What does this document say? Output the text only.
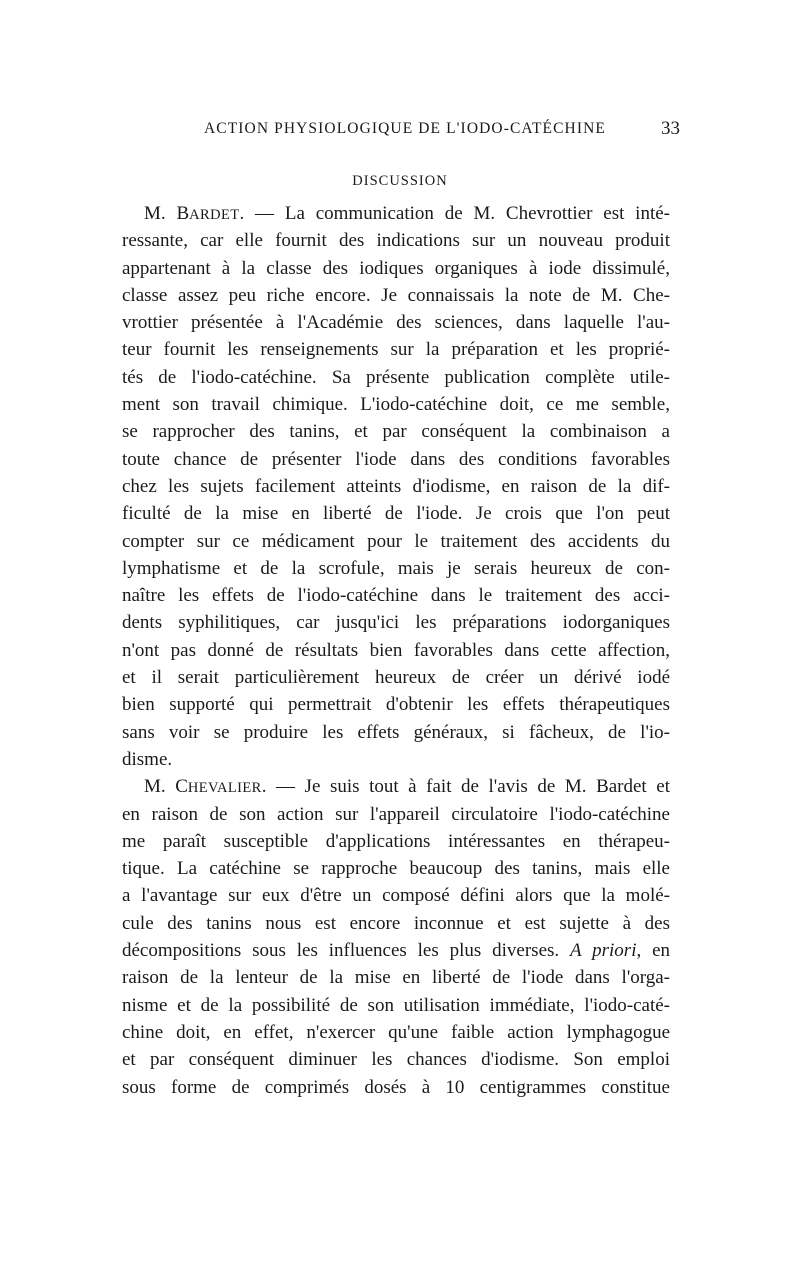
ACTION PHYSIOLOGIQUE DE L'IODO-CATÉCHINE	33
DISCUSSION
M. BARDET. — La communication de M. Chevrottier est inté-
ressante, car elle fournit des indications sur un nouveau produit
appartenant à la classe des iodiques organiques à iode dissimulé,
classe assez peu riche encore. Je connaissais la note de M. Che-
vrottier présentée à l'Académie des sciences, dans laquelle l'au-
teur fournit les renseignements sur la préparation et les proprié-
tés de l'iodo-catéchine. Sa présente publication complète utile-
ment son travail chimique. L'iodo-catéchine doit, ce me semble,
se rapprocher des tanins, et par conséquent la combinaison a
toute chance de présenter l'iode dans des conditions favorables
chez les sujets facilement atteints d'iodisme, en raison de la dif-
ficulté de la mise en liberté de l'iode. Je crois que l'on peut
compter sur ce médicament pour le traitement des accidents du
lymphatisme et de la scrofule, mais je serais heureux de con-
naître les effets de l'iodo-catéchine dans le traitement des acci-
dents syphilitiques, car jusqu'ici les préparations iodorganiques
n'ont pas donné de résultats bien favorables dans cette affection,
et il serait particulièrement heureux de créer un dérivé iodé
bien supporté qui permettrait d'obtenir les effets thérapeutiques
sans voir se produire les effets généraux, si fâcheux, de l'io-
disme.
M. CHEVALIER. — Je suis tout à fait de l'avis de M. Bardet et
en raison de son action sur l'appareil circulatoire l'iodo-catéchine
me paraît susceptible d'applications intéressantes en thérapeu-
tique. La catéchine se rapproche beaucoup des tanins, mais elle
a l'avantage sur eux d'être un composé défini alors que la molé-
cule des tanins nous est encore inconnue et est sujette à des
décompositions sous les influences les plus diverses. A priori, en
raison de la lenteur de la mise en liberté de l'iode dans l'orga-
nisme et de la possibilité de son utilisation immédiate, l'iodo-caté-
chine doit, en effet, n'exercer qu'une faible action lymphagogue
et par conséquent diminuer les chances d'iodisme. Son emploi
sous forme de comprimés dosés à 10 centigrammes constitue
